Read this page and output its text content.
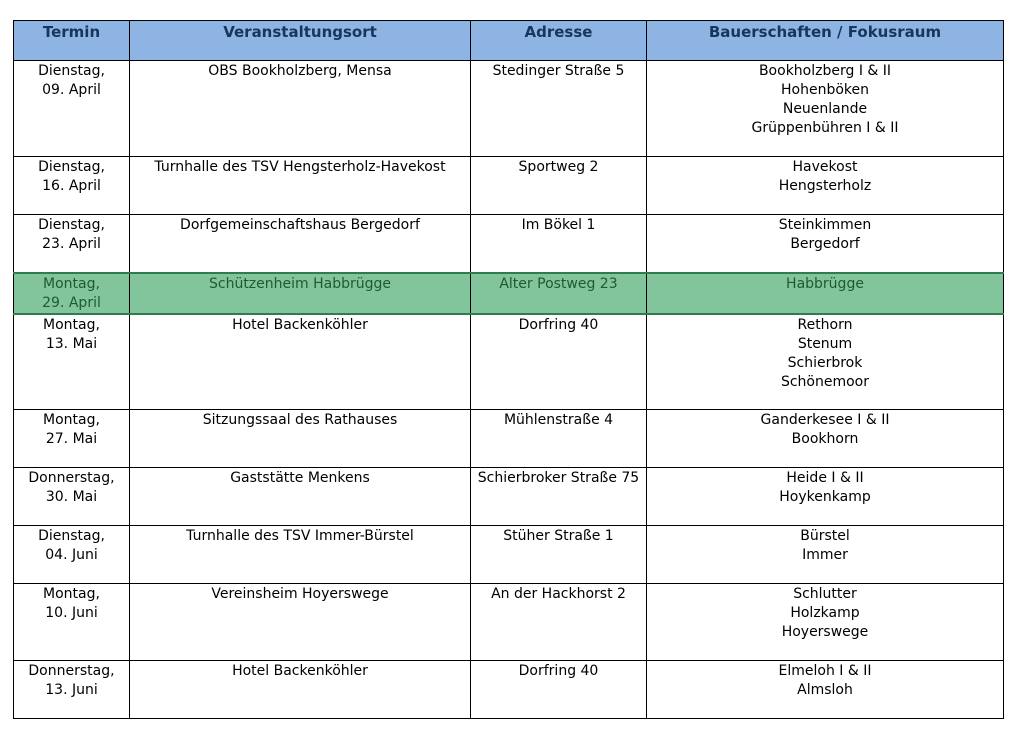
Termin	Veranstaltungsort	Adresse	Bauerschaften / Fokusraum

Dienstag,
09. April	OBS Bookholzberg, Mensa	Stedinger Straße 5	Bookholzberg I & II
Hohenböken
Neuenlande
Grüppenbühren I & II

Dienstag,
16. April	Turnhalle des TSV Hengsterholz-Havekost	Sportweg 2	Havekost
Hengsterholz

Dienstag,
23. April	Dorfgemeinschaftshaus Bergedorf	Im Bökel 1	Steinkimmen
Bergedorf

Montag,
29. April	Schützenheim Habbrügge	Alter Postweg 23	Habbrügge

Montag,
13. Mai	Hotel Backenköhler	Dorfring 40	Rethorn
Stenum
Schierbrok
Schönemoor

Montag,
27. Mai	Sitzungssaal des Rathauses	Mühlenstraße 4	Ganderkesee I & II
Bookhorn

Donnerstag,
30. Mai	Gaststätte Menkens	Schierbroker Straße 75	Heide I & II
Hoykenkamp

Dienstag,
04. Juni	Turnhalle des TSV Immer-Bürstel	Stüher Straße 1	Bürstel
Immer

Montag,
10. Juni	Vereinsheim Hoyerswege	An der Hackhorst 2	Schlutter
Holzkamp
Hoyerswege

Donnerstag,
13. Juni	Hotel Backenköhler	Dorfring 40	Elmeloh I & II
Almsloh
